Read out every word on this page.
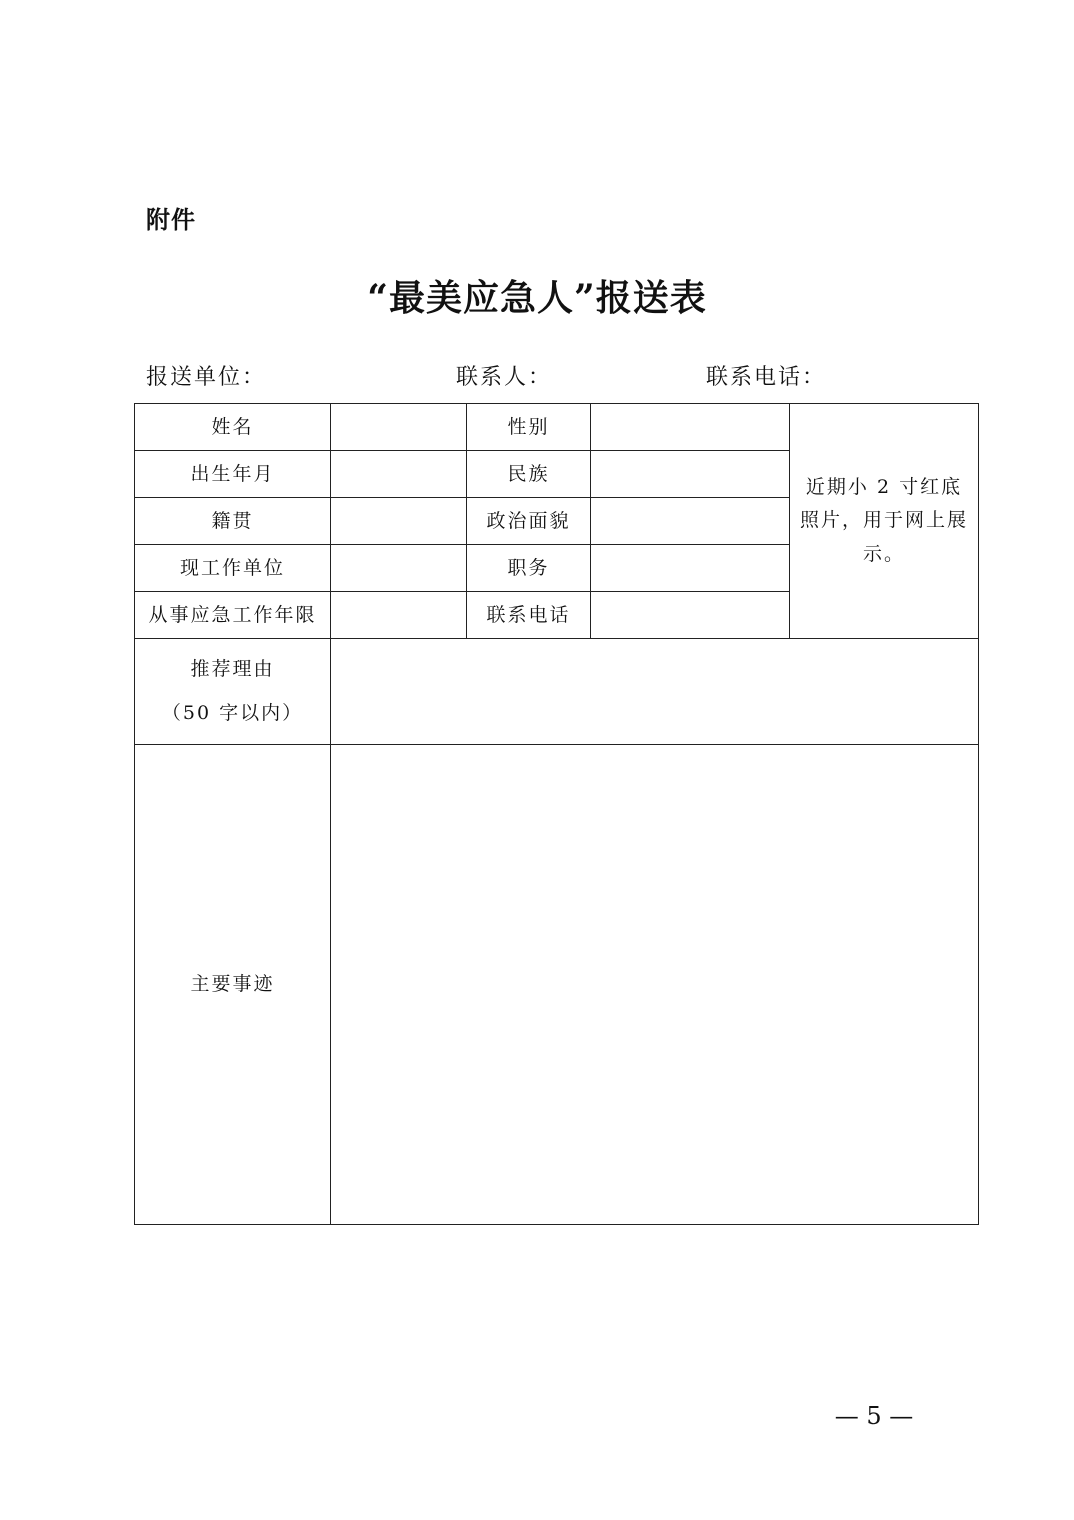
附件
“最美应急人”报送表
报送单位：	联系人：	联系电话：
姓名		性别		近期小 2 寸红底照片，用于网上展示。

出生年月		民族		
籍贯		政治面貌		
现工作单位		职务		
从事应急工作年限		联系电话		

推荐理由
（50 字以内）				

主要事迹				
— 5 —
